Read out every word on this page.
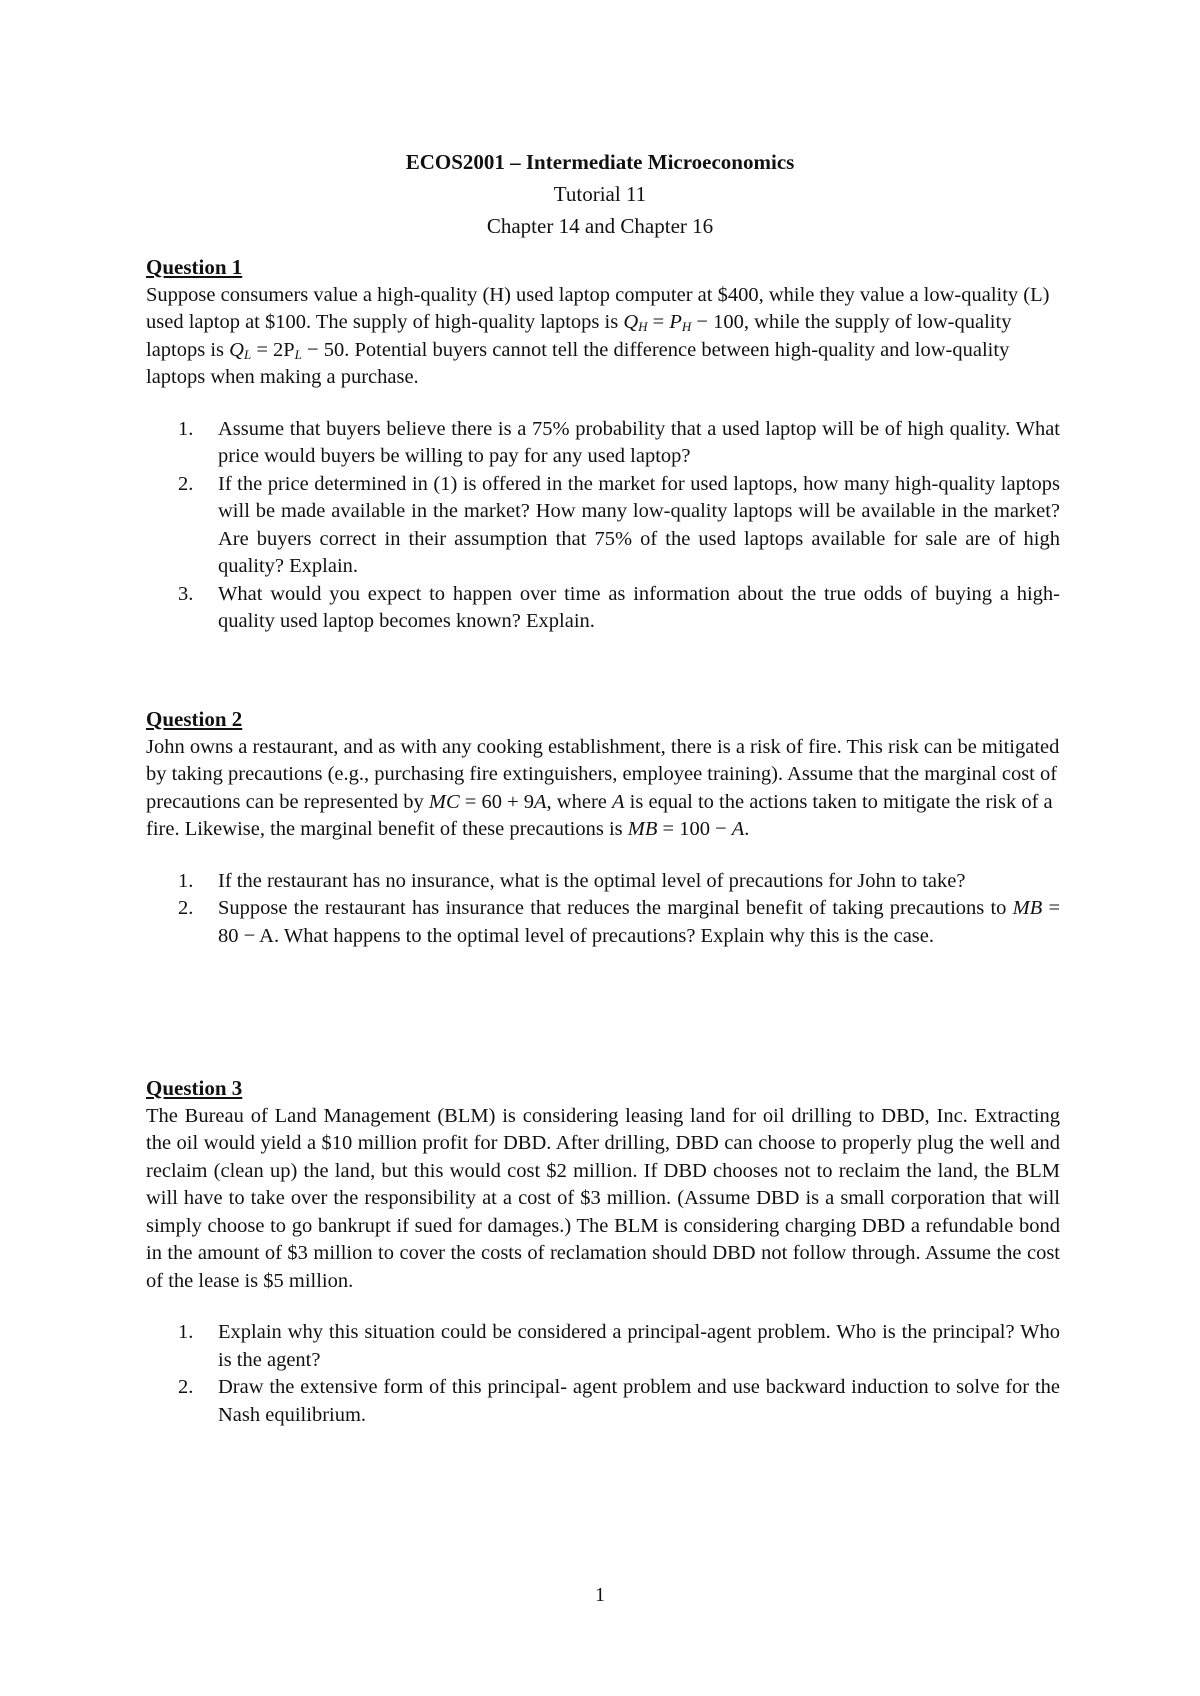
ECOS2001 – Intermediate Microeconomics

Tutorial 11

Chapter 14 and Chapter 16

Question 1

Suppose consumers value a high-quality (H) used laptop computer at $400, while they value a low-quality (L) used laptop at $100. The supply of high-quality laptops is $Q_H = P_H - 100$, while the supply of low-quality laptops is $Q_L = 2P_L - 50$. Potential buyers cannot tell the difference between high-quality and low-quality laptops when making a purchase.

1. Assume that buyers believe there is a 75% probability that a used laptop will be of high quality. What price would buyers be willing to pay for any used laptop?
2. If the price determined in (1) is offered in the market for used laptops, how many high-quality laptops will be made available in the market? How many low-quality laptops will be available in the market? Are buyers correct in their assumption that 75% of the used laptops available for sale are of high quality? Explain.
3. What would you expect to happen over time as information about the true odds of buying a high-quality used laptop becomes known? Explain.

Question 2

John owns a restaurant, and as with any cooking establishment, there is a risk of fire. This risk can be mitigated by taking precautions (e.g., purchasing fire extinguishers, employee training). Assume that the marginal cost of precautions can be represented by MC = 60 + 9A, where A is equal to the actions taken to mitigate the risk of a fire. Likewise, the marginal benefit of these precautions is MB = 100 − A.

1. If the restaurant has no insurance, what is the optimal level of precautions for John to take?
2. Suppose the restaurant has insurance that reduces the marginal benefit of taking precautions to MB = 80 − A. What happens to the optimal level of precautions? Explain why this is the case.

Question 3

The Bureau of Land Management (BLM) is considering leasing land for oil drilling to DBD, Inc. Extracting the oil would yield a $10 million profit for DBD. After drilling, DBD can choose to properly plug the well and reclaim (clean up) the land, but this would cost $2 million. If DBD chooses not to reclaim the land, the BLM will have to take over the responsibility at a cost of $3 million. (Assume DBD is a small corporation that will simply choose to go bankrupt if sued for damages.) The BLM is considering charging DBD a refundable bond in the amount of $3 million to cover the costs of reclamation should DBD not follow through. Assume the cost of the lease is $5 million.

1. Explain why this situation could be considered a principal-agent problem. Who is the principal? Who is the agent?
2. Draw the extensive form of this principal- agent problem and use backward induction to solve for the Nash equilibrium.
1
